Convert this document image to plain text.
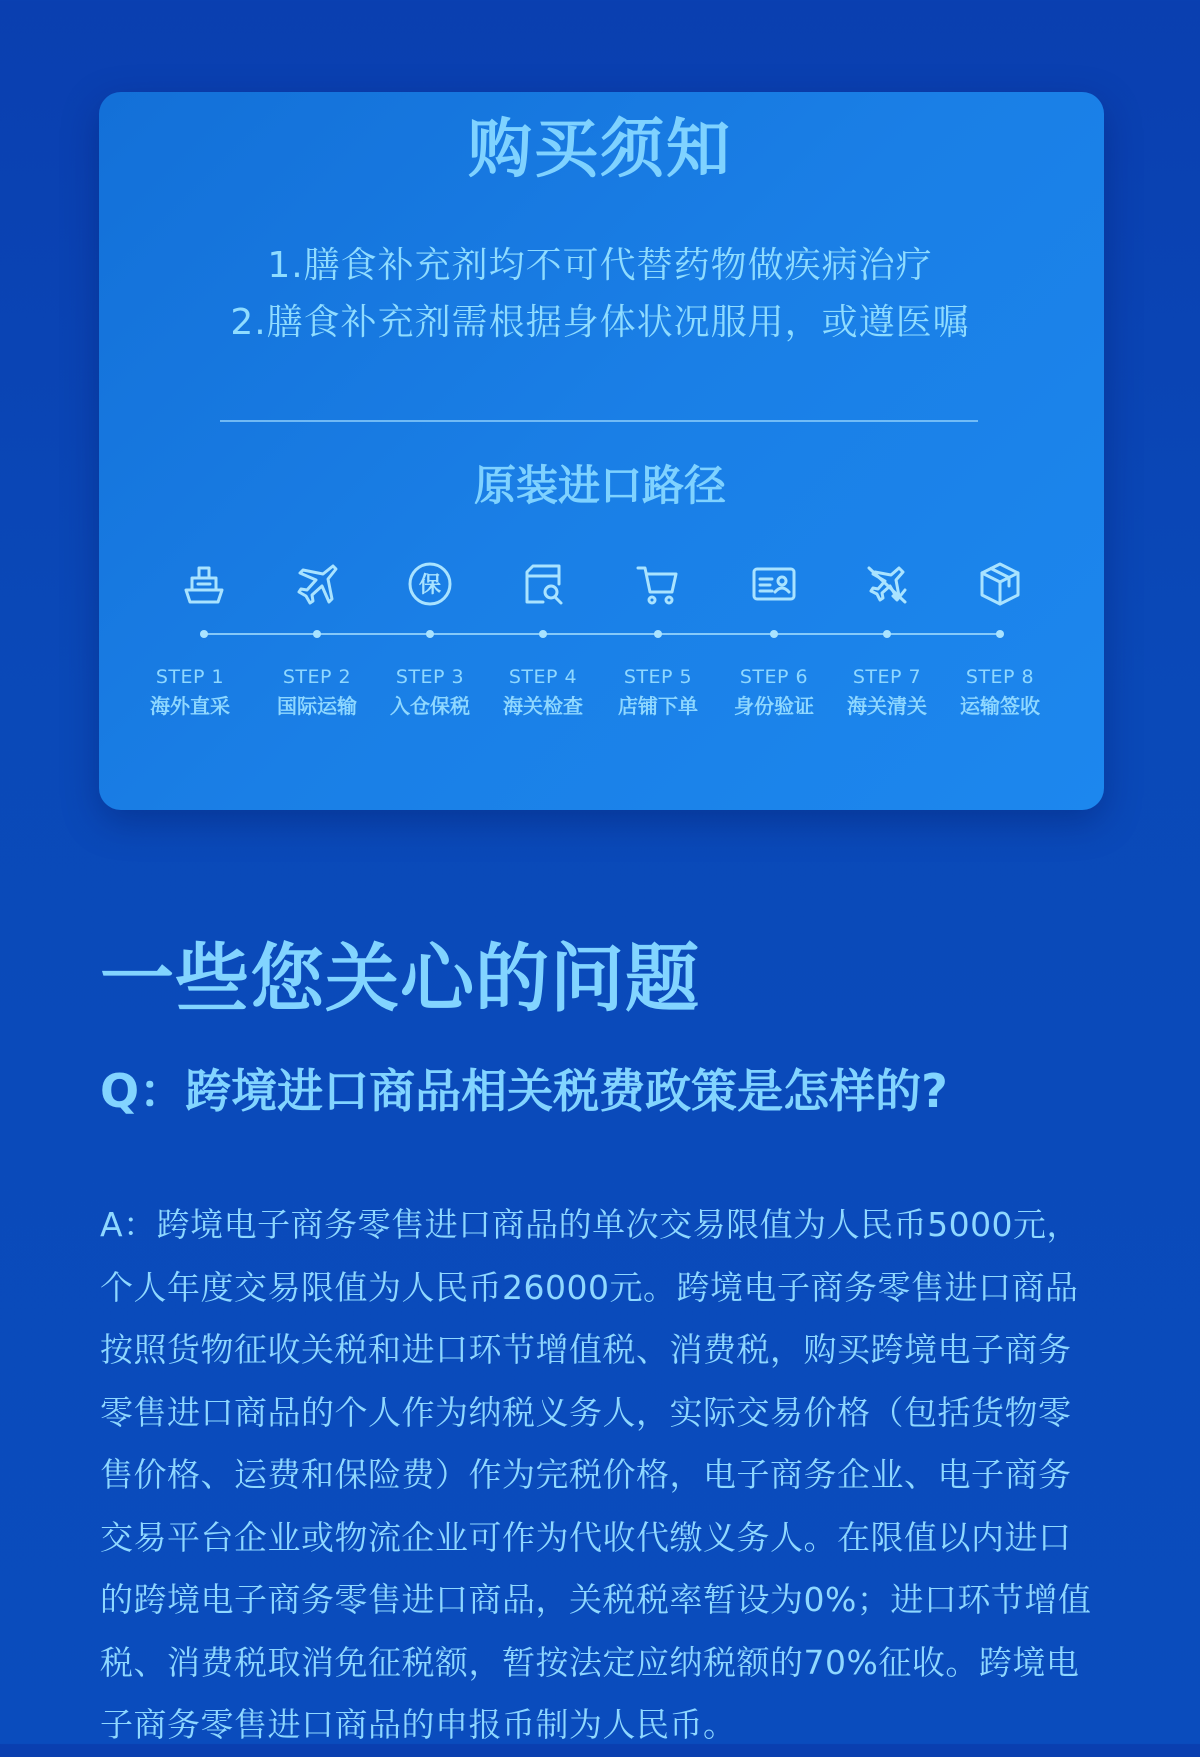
购买须知
1.膳食补充剂均不可代替药物做疾病治疗
2.膳食补充剂需根据身体状况服用，或遵医嘱
原装进口路径
STEP 1
海外直采
STEP 2
国际运输
保
STEP 3
入仓保税
STEP 4
海关检查
STEP 5
店铺下单
STEP 6
身份验证
STEP 7
海关清关
STEP 8
运输签收
一些您关心的问题
Q：跨境进口商品相关税费政策是怎样的?

A：跨境电子商务零售进口商品的单次交易限值为人民币5000元，个人年度交易限值为人民币26000元。跨境电子商务零售进口商品按照货物征收关税和进口环节增值税、消费税，购买跨境电子商务零售进口商品的个人作为纳税义务人，实际交易价格（包括货物零售价格、运费和保险费）作为完税价格，电子商务企业、电子商务交易平台企业或物流企业可作为代收代缴义务人。在限值以内进口的跨境电子商务零售进口商品，关税税率暂设为0%；进口环节增值税、消费税取消免征税额，暂按法定应纳税额的70%征收。跨境电子商务零售进口商品的申报币制为人民币。
